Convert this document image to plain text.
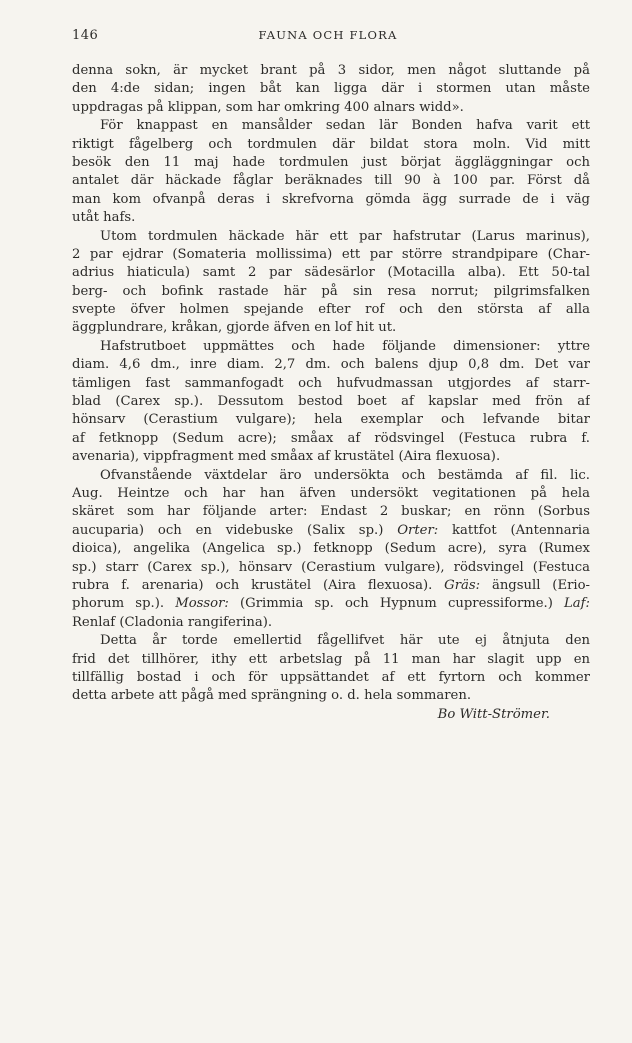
146	FAUNA OCH FLORA
denna sokn, är mycket brant på 3 sidor, men något sluttande på
den 4:de sidan; ingen båt kan ligga där i stormen utan måste
uppdragas på klippan, som har omkring 400 alnars widd».
För knappast en mansålder sedan lär Bonden hafva varit ett
riktigt fågelberg och tordmulen där bildat stora moln. Vid mitt
besök den 11 maj hade tordmulen just börjat äggläggningar och
antalet där häckade fåglar beräknades till 90 à 100 par. Först då
man kom ofvanpå deras i skrefvorna gömda ägg surrade de i väg
utåt hafs.
Utom tordmulen häckade här ett par hafstrutar (Larus marinus),
2 par ejdrar (Somateria mollissima) ett par större strandpipare (Char-
adrius hiaticula) samt 2 par sädesärlor (Motacilla alba). Ett 50-tal
berg- och bofink rastade här på sin resa norrut; pilgrimsfalken
svepte öfver holmen spejande efter rof och den största af alla
äggplundrare, kråkan, gjorde äfven en lof hit ut.
Hafstrutboet uppmättes och hade följande dimensioner: yttre
diam. 4,6 dm., inre diam. 2,7 dm. och balens djup 0,8 dm. Det var
tämligen fast sammanfogadt och hufvudmassan utgjordes af starr-
blad (Carex sp.). Dessutom bestod boet af kapslar med frön af
hönsarv (Cerastium vulgare); hela exemplar och lefvande bitar
af fetknopp (Sedum acre); småax af rödsvingel (Festuca rubra f.
avenaria), vippfragment med småax af krustätel (Aira flexuosa).
Ofvanstående växtdelar äro undersökta och bestämda af fil. lic.
Aug. Heintze och har han äfven undersökt vegitationen på hela
skäret som har följande arter: Endast 2 buskar; en rönn (Sorbus
aucuparia) och en videbuske (Salix sp.) Orter: kattfot (Antennaria
dioica), angelika (Angelica sp.) fetknopp (Sedum acre), syra (Rumex
sp.) starr (Carex sp.), hönsarv (Cerastium vulgare), rödsvingel (Festuca
rubra f. arenaria) och krustätel (Aira flexuosa). Gräs: ängsull (Erio-
phorum sp.). Mossor: (Grimmia sp. och Hypnum cupressiforme.) Laf:
Renlaf (Cladonia rangiferina).
Detta år torde emellertid fågellifvet här ute ej åtnjuta den
frid det tillhörer, ithy ett arbetslag på 11 man har slagit upp en
tillfällig bostad i och för uppsättandet af ett fyrtorn och kommer
detta arbete att pågå med sprängning o. d. hela sommaren.
Bo Witt-Strömer.
